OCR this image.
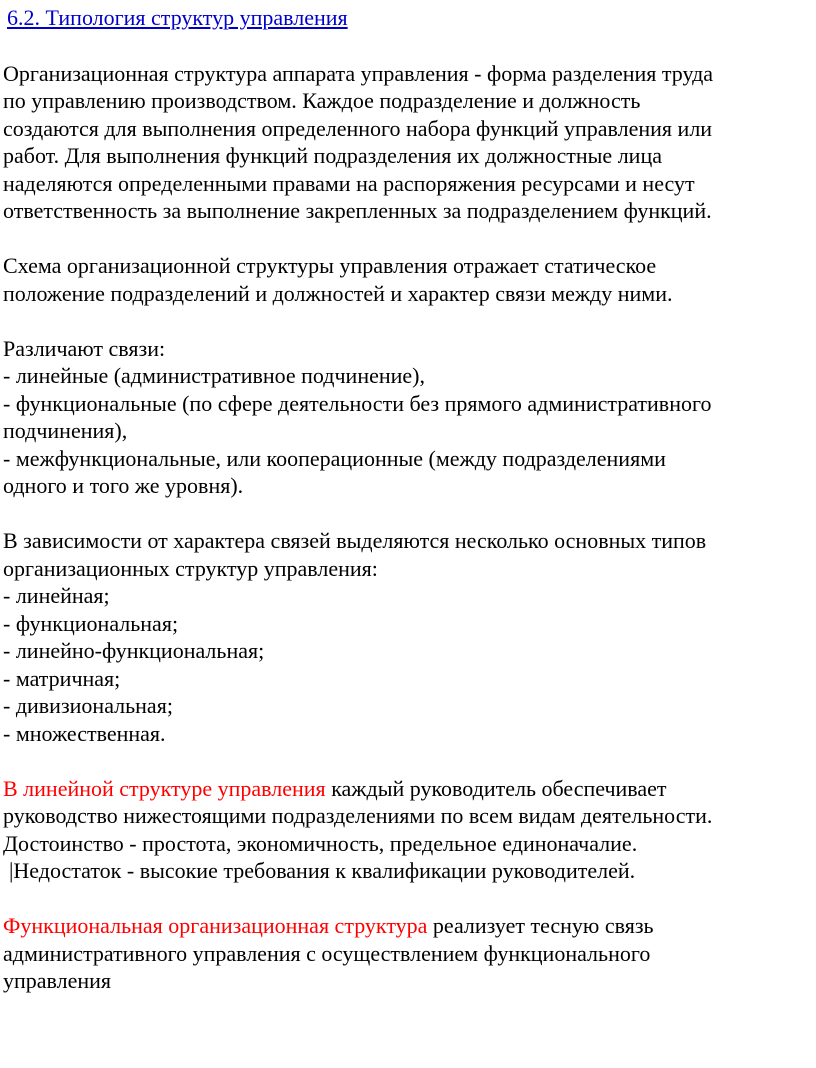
6.2. Типология структур управления
Организационная структура аппарата управления - форма разделения труда
по управлению производством. Каждое подразделение и должность
создаются для выполнения определенного набора функций управления или
работ. Для выполнения функций подразделения их должностные лица
наделяются определенными правами на распоряжения ресурсами и несут
ответственность за выполнение закрепленных за подразделением функций.
Схема организационной структуры управления отражает статическое
положение подразделений и должностей и характер связи между ними.
Различают связи:
- линейные (административное подчинение),
- функциональные (по сфере деятельности без прямого административного
подчинения),
- межфункциональные, или кооперационные (между подразделениями
одного и того же уровня).
В зависимости от характера связей выделяются несколько основных типов
организационных структур управления:
- линейная;
- функциональная;
- линейно-функциональная;
- матричная;
- дивизиональная;
- множественная.
В линейной структуре управления каждый руководитель обеспечивает
руководство нижестоящими подразделениями по всем видам деятельности.
Достоинство - простота, экономичность, предельное единоначалие.
|Недостаток - высокие требования к квалификации руководителей.
Функциональная организационная структура реализует тесную связь
административного управления с осуществлением функционального
управления
